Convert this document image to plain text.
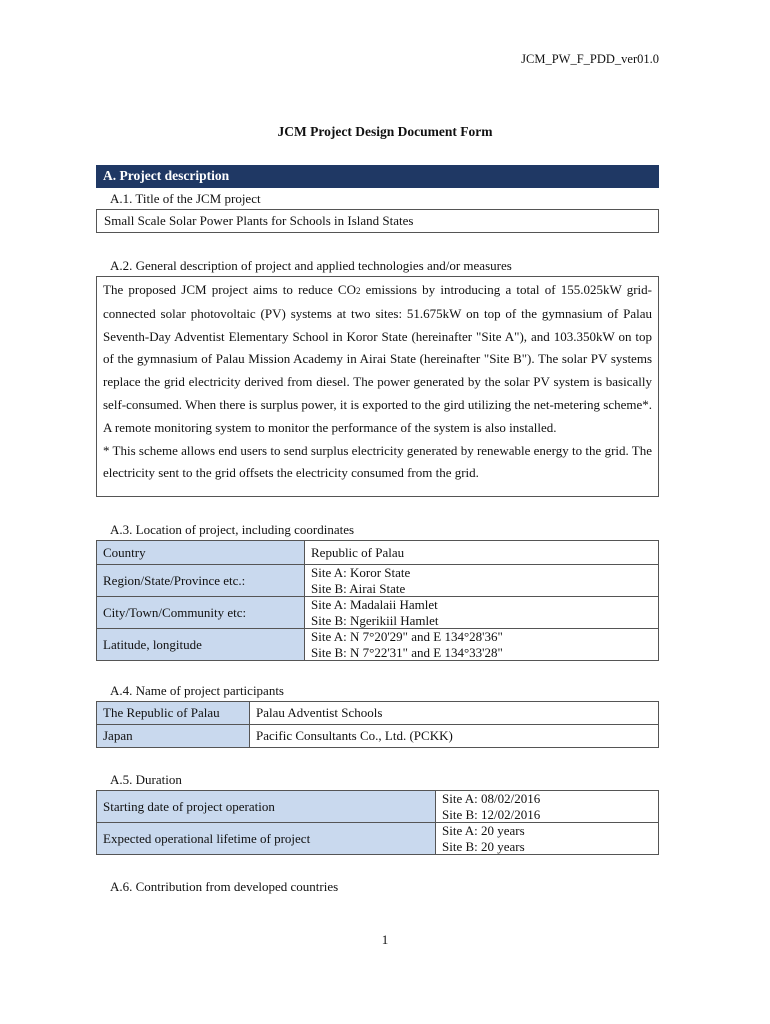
JCM_PW_F_PDD_ver01.0
JCM Project Design Document Form
A. Project description
A.1. Title of the JCM project
Small Scale Solar Power Plants for Schools in Island States
A.2. General description of project and applied technologies and/or measures

The proposed JCM project aims to reduce CO2 emissions by introducing a total of 155.025kW grid-connected solar photovoltaic (PV) systems at two sites: 51.675kW on top of the gymnasium of Palau Seventh-Day Adventist Elementary School in Koror State (hereinafter "Site A"), and 103.350kW on top of the gymnasium of Palau Mission Academy in Airai State (hereinafter "Site B"). The solar PV systems replace the grid electricity derived from diesel. The power generated by the solar PV system is basically self-consumed. When there is surplus power, it is exported to the gird utilizing the net-metering scheme*. A remote monitoring system to monitor the performance of the system is also installed.

* This scheme allows end users to send surplus electricity generated by renewable energy to the grid. The electricity sent to the grid offsets the electricity consumed from the grid.

A.3. Location of project, including coordinates
Country	Republic of Palau
Region/State/Province etc.:	Site A: Koror State
Site B: Airai State

City/Town/Community etc:	Site A: Madalaii Hamlet
Site B: Ngerikiil Hamlet

Latitude, longitude	Site A: N 7°20'29" and E 134°28'36"
Site B: N 7°22'31" and E 134°33'28"
A.4. Name of project participants
The Republic of Palau	Palau Adventist Schools
Japan	Pacific Consultants Co., Ltd. (PCKK)
A.5. Duration
Starting date of project operation	Site A: 08/02/2016
Site B: 12/02/2016

Expected operational lifetime of project	Site A: 20 years
Site B: 20 years
A.6. Contribution from developed countries
1
